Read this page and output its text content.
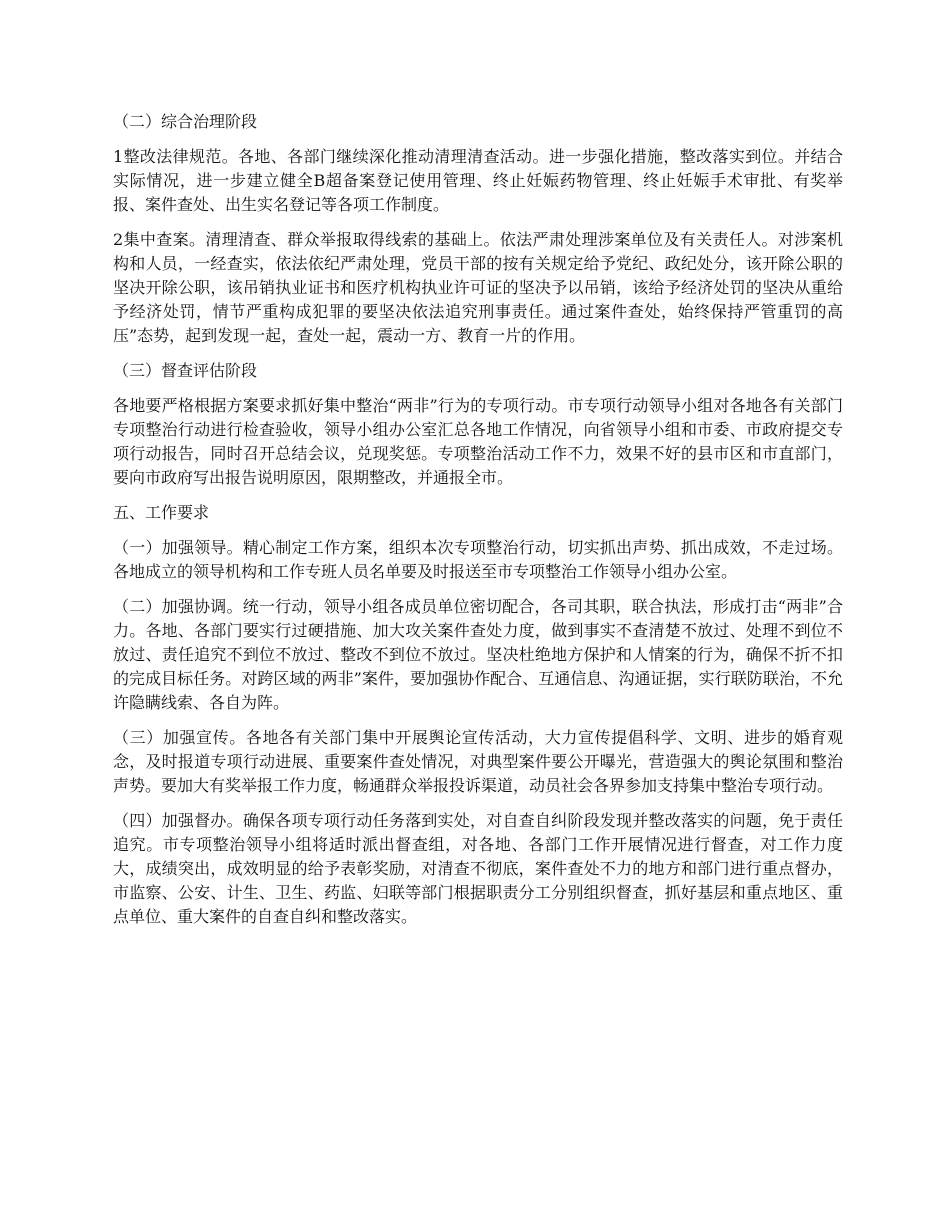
（二）综合治理阶段

1整改法律规范。各地、各部门继续深化推动清理清查活动。进一步强化措施，整改落实到位。并结合实际情况，进一步建立健全B超备案登记使用管理、终止妊娠药物管理、终止妊娠手术审批、有奖举报、案件查处、出生实名登记等各项工作制度。

2集中查案。清理清查、群众举报取得线索的基础上。依法严肃处理涉案单位及有关责任人。对涉案机构和人员，一经查实，依法依纪严肃处理，党员干部的按有关规定给予党纪、政纪处分，该开除公职的坚决开除公职，该吊销执业证书和医疗机构执业许可证的坚决予以吊销，该给予经济处罚的坚决从重给予经济处罚，情节严重构成犯罪的要坚决依法追究刑事责任。通过案件查处，始终保持严管重罚的高压”态势，起到发现一起，查处一起，震动一方、教育一片的作用。

（三）督查评估阶段

各地要严格根据方案要求抓好集中整治“两非”行为的专项行动。市专项行动领导小组对各地各有关部门专项整治行动进行检查验收，领导小组办公室汇总各地工作情况，向省领导小组和市委、市政府提交专项行动报告，同时召开总结会议，兑现奖惩。专项整治活动工作不力，效果不好的县市区和市直部门，要向市政府写出报告说明原因，限期整改，并通报全市。

五、工作要求

（一）加强领导。精心制定工作方案，组织本次专项整治行动，切实抓出声势、抓出成效，不走过场。各地成立的领导机构和工作专班人员名单要及时报送至市专项整治工作领导小组办公室。

（二）加强协调。统一行动，领导小组各成员单位密切配合，各司其职，联合执法，形成打击“两非”合力。各地、各部门要实行过硬措施、加大攻关案件查处力度，做到事实不查清楚不放过、处理不到位不放过、责任追究不到位不放过、整改不到位不放过。坚决杜绝地方保护和人情案的行为，确保不折不扣的完成目标任务。对跨区域的两非”案件，要加强协作配合、互通信息、沟通证据，实行联防联治，不允许隐瞒线索、各自为阵。

（三）加强宣传。各地各有关部门集中开展舆论宣传活动，大力宣传提倡科学、文明、进步的婚育观念，及时报道专项行动进展、重要案件查处情况，对典型案件要公开曝光，营造强大的舆论氛围和整治声势。要加大有奖举报工作力度，畅通群众举报投诉渠道，动员社会各界参加支持集中整治专项行动。

（四）加强督办。确保各项专项行动任务落到实处，对自查自纠阶段发现并整改落实的问题，免于责任追究。市专项整治领导小组将适时派出督查组，对各地、各部门工作开展情况进行督查，对工作力度大，成绩突出，成效明显的给予表彰奖励，对清查不彻底，案件查处不力的地方和部门进行重点督办，市监察、公安、计生、卫生、药监、妇联等部门根据职责分工分别组织督查，抓好基层和重点地区、重点单位、重大案件的自查自纠和整改落实。
